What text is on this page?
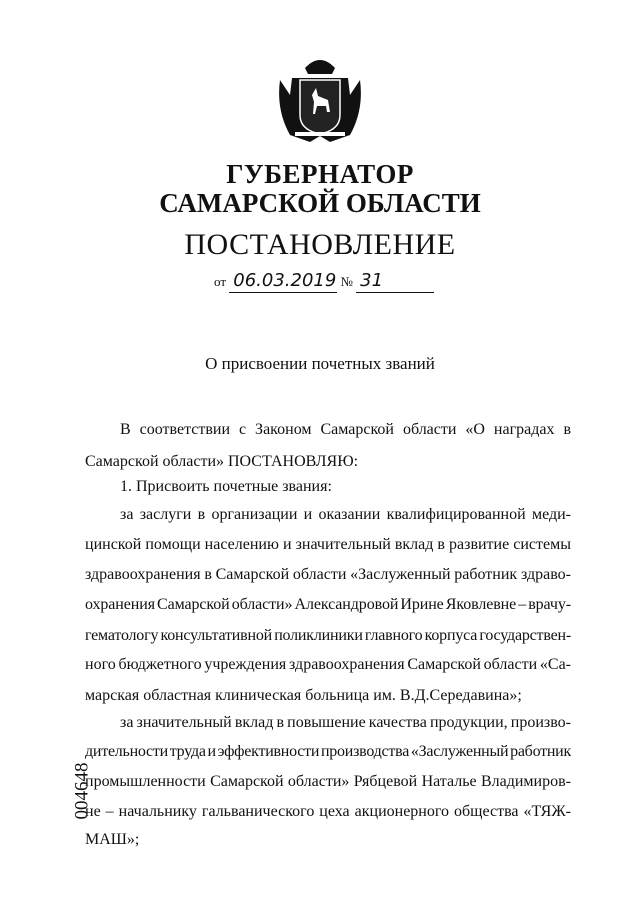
ГУБЕРНАТОР
САМАРСКОЙ ОБЛАСТИ
ПОСТАНОВЛЕНИЕ
от 06.03.2019 № 31
О присвоении почетных званий
В соответствии с Законом Самарской области «О наградах в
Самарской области» ПОСТАНОВЛЯЮ:
1. Присвоить почетные звания:
за заслуги в организации и оказании квалифицированной меди-
цинской помощи населению и значительный вклад в развитие системы
здравоохранения в Самарской области «Заслуженный работник здраво-
охранения Самарской области» Александровой Ирине Яковлевне – врачу-
гематологу консультативной поликлиники главного корпуса государствен-
ного бюджетного учреждения здравоохранения Самарской области «Са-
марская областная клиническая больница им. В.Д.Середавина»;
за значительный вклад в повышение качества продукции, произво-
дительности труда и эффективности производства «Заслуженный работник
промышленности Самарской области» Рябцевой Наталье Владимиров-
не – начальнику гальванического цеха акционерного общества «ТЯЖ-
МАШ»;
004648
